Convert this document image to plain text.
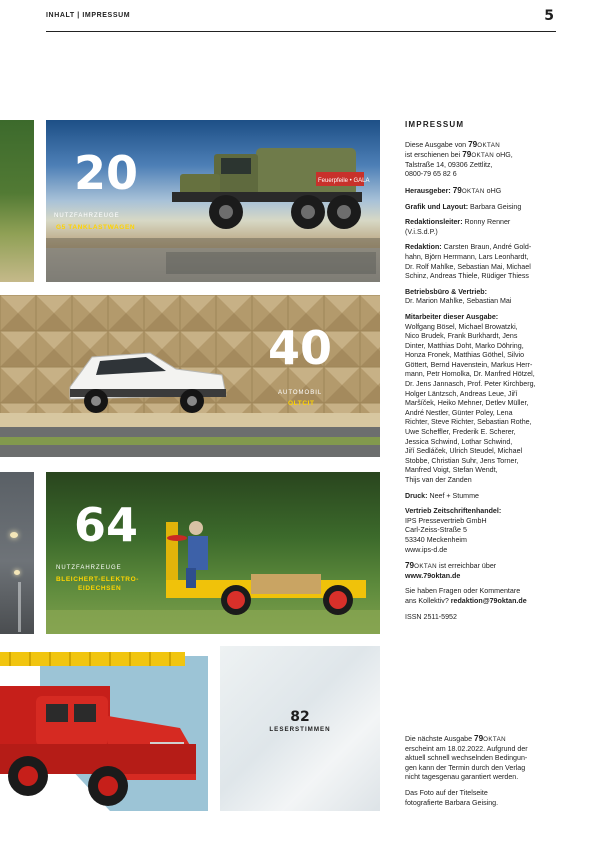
INHALT | IMPRESSUM	5
Feuerpfeile • GALA
20
NUTZFAHRZEUGE
G5 TANKLASTWAGEN
40
AUTOMOBIL
OLTCIT
64
NUTZFAHRZEUGE
BLEICHERT-ELEKTRO-
EIDECHSEN
82
LESERSTIMMEN
IMPRESSUM

Diese Ausgabe von 79OKTAN
ist erschienen bei 79OKTAN oHG,
Talstraße 14, 09306 Zettlitz,
0800-79 65 82 6

Herausgeber: 79OKTAN oHG

Grafik und Layout: Barbara Geising

Redaktionsleiter: Ronny Renner
(V.i.S.d.P.)

Redaktion: Carsten Braun, André Gold-
hahn, Björn Herrmann, Lars Leonhardt,
Dr. Rolf Mahlke, Sebastian Mai, Michael
Schinz, Andreas Thiele, Rüdiger Thiess

Betriebsbüro & Vertrieb:
Dr. Marion Mahlke, Sebastian Mai

Mitarbeiter dieser Ausgabe:
Wolfgang Bösel, Michael Browatzki,
Nico Brudek, Frank Burkhardt, Jens
Dinter, Matthias Doht, Marko Döhring,
Honza Fronek, Matthias Göthel, Silvio
Göttert, Bernd Havenstein, Markus Herr-
mann, Petr Homolka, Dr. Manfred Hötzel,
Dr. Jens Jannasch, Prof. Peter Kirchberg,
Holger Läntzsch, Andreas Leue, Jiří
Maršíček, Heiko Mehner, Detlev Müller,
André Nestler, Günter Poley, Lena
Richter, Steve Richter, Sebastian Rothe,
Uwe Scheffler, Frederik E. Scherer,
Jessica Schwind, Lothar Schwind,
Jiří Sedláček, Ulrich Steudel, Michael
Stobbe, Christian Suhr, Jens Torner,
Manfred Voigt, Stefan Wendt,
Thijs van der Zanden

Druck: Neef + Stumme

Vertrieb Zeitschriftenhandel:
IPS Pressevertrieb GmbH
Carl-Zeiss-Straße 5
53340 Meckenheim
www.ips-d.de

79OKTAN ist erreichbar über
www.79oktan.de

Sie haben Fragen oder Kommentare
ans Kollektiv? redaktion@79oktan.de

ISSN 2511-5952

Die nächste Ausgabe 79OKTAN
erscheint am 18.02.2022. Aufgrund der
aktuell schnell wechselnden Bedingun-
gen kann der Termin durch den Verlag
nicht tagesgenau garantiert werden.

Das Foto auf der Titelseite
fotografierte Barbara Geising.
